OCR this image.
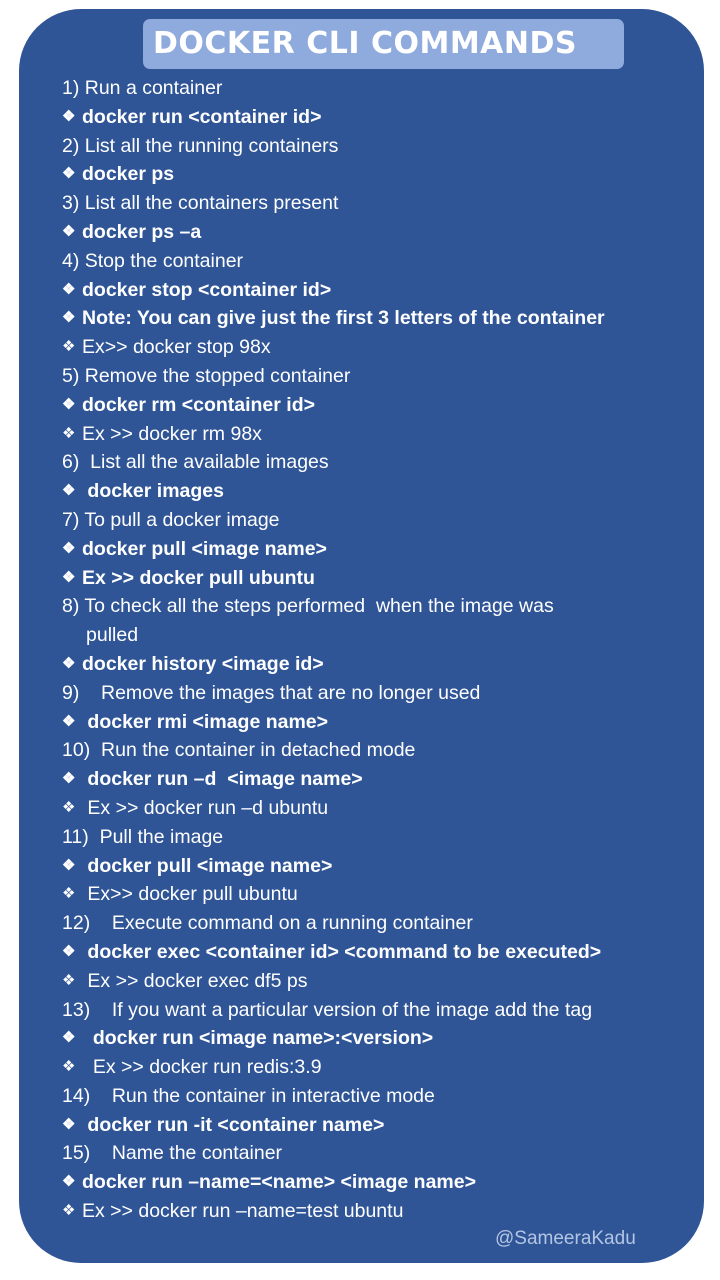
DOCKER CLI COMMANDS
1) Run a container
❖ docker run <container id>
2) List all the running containers
❖ docker ps
3) List all the containers present
❖ docker ps –a
4) Stop the container
❖ docker stop <container id>
❖ Note: You can give just the first 3 letters of the container
❖ Ex>> docker stop 98x
5) Remove the stopped container
❖ docker rm <container id>
❖ Ex >> docker rm 98x
6)  List all the available images
❖ docker images
7) To pull a docker image
❖ docker pull <image name>
❖ Ex >> docker pull ubuntu
8) To check all the steps performed  when the image was
pulled
❖ docker history <image id>
9)    Remove the images that are no longer used
❖ docker rmi <image name>
10)  Run the container in detached mode
❖ docker run –d  <image name>
❖ Ex >> docker run –d ubuntu
11)  Pull the image
❖ docker pull <image name>
❖ Ex>> docker pull ubuntu
12)    Execute command on a running container
❖ docker exec <container id> <command to be executed>
❖ Ex >> docker exec df5 ps
13)    If you want a particular version of the image add the tag
❖ docker run <image name>:<version>
❖ Ex >> docker run redis:3.9
14)    Run the container in interactive mode
❖ docker run -it <container name>
15)    Name the container
❖ docker run –name=<name> <image name>
❖ Ex >> docker run –name=test ubuntu
@SameeraKadu
